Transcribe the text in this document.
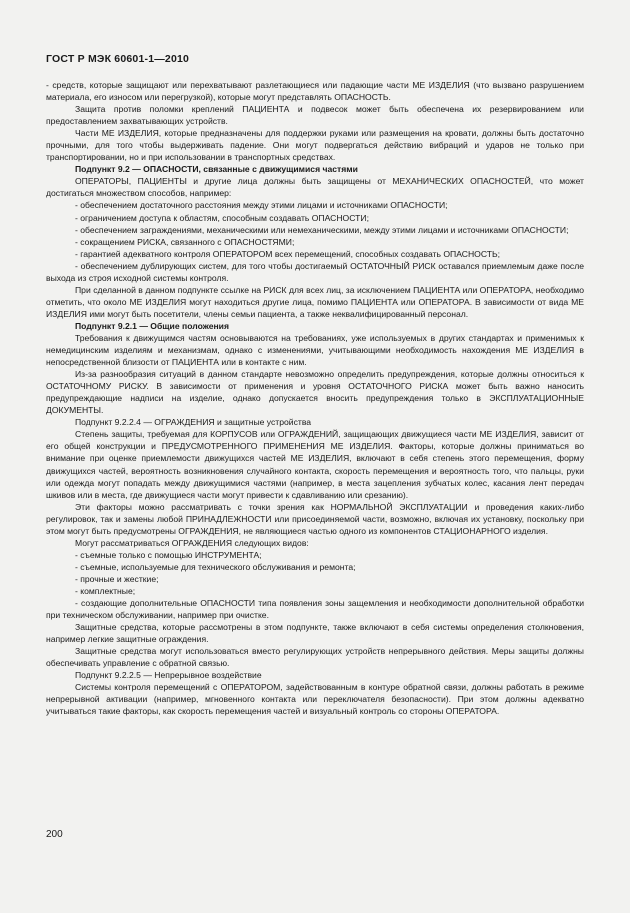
ГОСТ Р МЭК 60601-1—2010

- средств, которые защищают или перехватывают разлетающиеся или падающие части МЕ ИЗДЕЛИЯ (что вызвано разрушением материала, его износом или перегрузкой), которые могут представлять ОПАСНОСТЬ.

Защита против поломки креплений ПАЦИЕНТА и подвесок может быть обеспечена их резервированием или предоставлением захватывающих устройств.

Части МЕ ИЗДЕЛИЯ, которые предназначены для поддержки руками или размещения на кровати, должны быть достаточно прочными, для того чтобы выдерживать падение. Они могут подвергаться действию вибраций и ударов не только при транспортировании, но и при использовании в транспортных средствах.

Подпункт 9.2 — ОПАСНОСТИ, связанные с движущимися частями

ОПЕРАТОРЫ, ПАЦИЕНТЫ и другие лица должны быть защищены от МЕХАНИЧЕСКИХ ОПАСНОСТЕЙ, что может достигаться множеством способов, например:

- обеспечением достаточного расстояния между этими лицами и источниками ОПАСНОСТИ;

- ограничением доступа к областям, способным создавать ОПАСНОСТИ;

- обеспечением заграждениями, механическими или немеханическими, между этими лицами и источниками ОПАСНОСТИ;

- сокращением РИСКА, связанного с ОПАСНОСТЯМИ;

- гарантией адекватного контроля ОПЕРАТОРОМ всех перемещений, способных создавать ОПАСНОСТЬ;

- обеспечением дублирующих систем, для того чтобы достигаемый ОСТАТОЧНЫЙ РИСК оставался приемлемым даже после выхода из строя исходной системы контроля.

При сделанной в данном подпункте ссылке на РИСК для всех лиц, за исключением ПАЦИЕНТА или ОПЕРАТОРА, необходимо отметить, что около МЕ ИЗДЕЛИЯ могут находиться другие лица, помимо ПАЦИЕНТА или ОПЕРАТОРА. В зависимости от вида МЕ ИЗДЕЛИЯ ими могут быть посетители, члены семьи пациента, а также неквалифицированный персонал.

Подпункт 9.2.1 — Общие положения

Требования к движущимся частям основываются на требованиях, уже используемых в других стандартах и применимых к немедицинским изделиям и механизмам, однако с изменениями, учитывающими необходимость нахождения МЕ ИЗДЕЛИЯ в непосредственной близости от ПАЦИЕНТА или в контакте с ним.

Из-за разнообразия ситуаций в данном стандарте невозможно определить предупреждения, которые должны относиться к ОСТАТОЧНОМУ РИСКУ. В зависимости от применения и уровня ОСТАТОЧНОГО РИСКА может быть важно наносить предупреждающие надписи на изделие, однако допускается вносить предупреждения только в ЭКСПЛУАТАЦИОННЫЕ ДОКУМЕНТЫ.

Подпункт 9.2.2.4 — ОГРАЖДЕНИЯ и защитные устройства

Степень защиты, требуемая для КОРПУСОВ или ОГРАЖДЕНИЙ, защищающих движущиеся части МЕ ИЗДЕЛИЯ, зависит от его общей конструкции и ПРЕДУСМОТРЕННОГО ПРИМЕНЕНИЯ МЕ ИЗДЕЛИЯ. Факторы, которые должны приниматься во внимание при оценке приемлемости движущихся частей МЕ ИЗДЕЛИЯ, включают в себя степень этого перемещения, форму движущихся частей, вероятность возникновения случайного контакта, скорость перемещения и вероятность того, что пальцы, руки или одежда могут попадать между движущимися частями (например, в места зацепления зубчатых колес, касания лент передач шкивов или в места, где движущиеся части могут привести к сдавливанию или срезанию).

Эти факторы можно рассматривать с точки зрения как НОРМАЛЬНОЙ ЭКСПЛУАТАЦИИ и проведения каких-либо регулировок, так и замены любой ПРИНАДЛЕЖНОСТИ или присоединяемой части, возможно, включая их установку, поскольку при этом могут быть предусмотрены ОГРАЖДЕНИЯ, не являющиеся частью одного из компонентов СТАЦИОНАРНОГО изделия.

Могут рассматриваться ОГРАЖДЕНИЯ следующих видов:

- съемные только с помощью ИНСТРУМЕНТА;

- съемные, используемые для технического обслуживания и ремонта;

- прочные и жесткие;

- комплектные;

- создающие дополнительные ОПАСНОСТИ типа появления зоны защемления и необходимости дополнительной обработки при техническом обслуживании, например при очистке.

Защитные средства, которые рассмотрены в этом подпункте, также включают в себя системы определения столкновения, например легкие защитные ограждения.

Защитные средства могут использоваться вместо регулирующих устройств непрерывного действия. Меры защиты должны обеспечивать управление с обратной связью.

Подпункт 9.2.2.5 — Непрерывное воздействие

Системы контроля перемещений с ОПЕРАТОРОМ, задействованным в контуре обратной связи, должны работать в режиме непрерывной активации (например, мгновенного контакта или переключателя безопасности). При этом должны адекватно учитываться такие факторы, как скорость перемещения частей и визуальный контроль со стороны ОПЕРАТОРА.

200
